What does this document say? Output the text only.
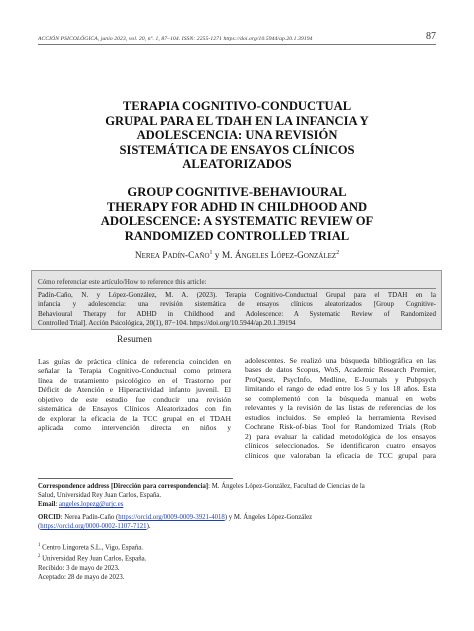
ACCIÓN PSICOLÓGICA, junio 2023, vol. 20, nº. 1, 87–104. ISSN: 2255-1271 https://doi.org/10.5944/ap.20.1.39194	87
TERAPIA COGNITIVO-CONDUCTUAL
GRUPAL PARA EL TDAH EN LA INFANCIA Y
ADOLESCENCIA: UNA REVISIÓN
SISTEMÁTICA DE ENSAYOS CLÍNICOS
ALEATORIZADOS
GROUP COGNITIVE-BEHAVIOURAL
THERAPY FOR ADHD IN CHILDHOOD AND
ADOLESCENCE: A SYSTEMATIC REVIEW OF
RANDOMIZED CONTROLLED TRIAL
Nerea Padín-Caño$^1$ y M. Ángeles López-González$^2$
Cómo referenciar este artículo/How to reference this article:
Padín-Caño, N. y López-González, M. A. (2023). Terapia Cognitivo-Conductual Grupal para el TDAH en la
infancia y adolescencia: una revisión sistemática de ensayos clínicos aleatorizados [Group Cognitive-
Behavioural Therapy for ADHD in Childhood and Adolescence: A Systematic Review of Randomized
Controlled Trial]. Acción Psicológica, 20(1), 87−104. https://doi.org/10.5944/ap.20.1.39194
Resumen
Las guías de práctica clínica de referencia coinciden en
señalar la Terapia Cognitivo-Conductual como primera
línea de tratamiento psicológico en el Trastorno por
Déficit de Atención e Hiperactividad infanto juvenil. El
objetivo de este estudio fue conducir una revisión
sistemática de Ensayos Clínicos Aleatorizados con fin
de explorar la eficacia de la TCC grupal en el TDAH
aplicada como intervención directa en niños y
adolescentes. Se realizó una búsqueda bibliográfica en las
bases de datos Scopus, WoS, Academic Research Premier,
ProQuest, PsycInfo, Medline, E-Journals y Pubpsych
limitando el rango de edad entre los 5 y los 18 años. Esta
se complementó con la búsqueda manual en webs
relevantes y la revisión de las listas de referencias de los
estudios incluidos. Se empleó la herramienta Revised
Cochrane Risk-of-bias Tool for Randomized Trials (Rob
2) para evaluar la calidad metodológica de los ensayos
clínicos seleccionados. Se identificaron cuatro ensayos
clínicos que valoraban la eficacia de TCC grupal para
Correspondence address [Dirección para correspondencia]: M. Ángeles López-González, Facultad de Ciencias de la
Salud, Universidad Rey Juan Carlos, España.
Email: angeles.lopezg@urjc.es
ORCID: Nerea Padín-Caño (https://orcid.org/0009-0009-3921-4018) y M. Ángeles López-González
(https://orcid.org/0000-0002-1107-7121).
$^1$ Centro Lingoreta S.L., Vigo, España.
$^2$ Universidad Rey Juan Carlos, España.
Recibido: 3 de mayo de 2023.
Aceptado: 28 de mayo de 2023.
